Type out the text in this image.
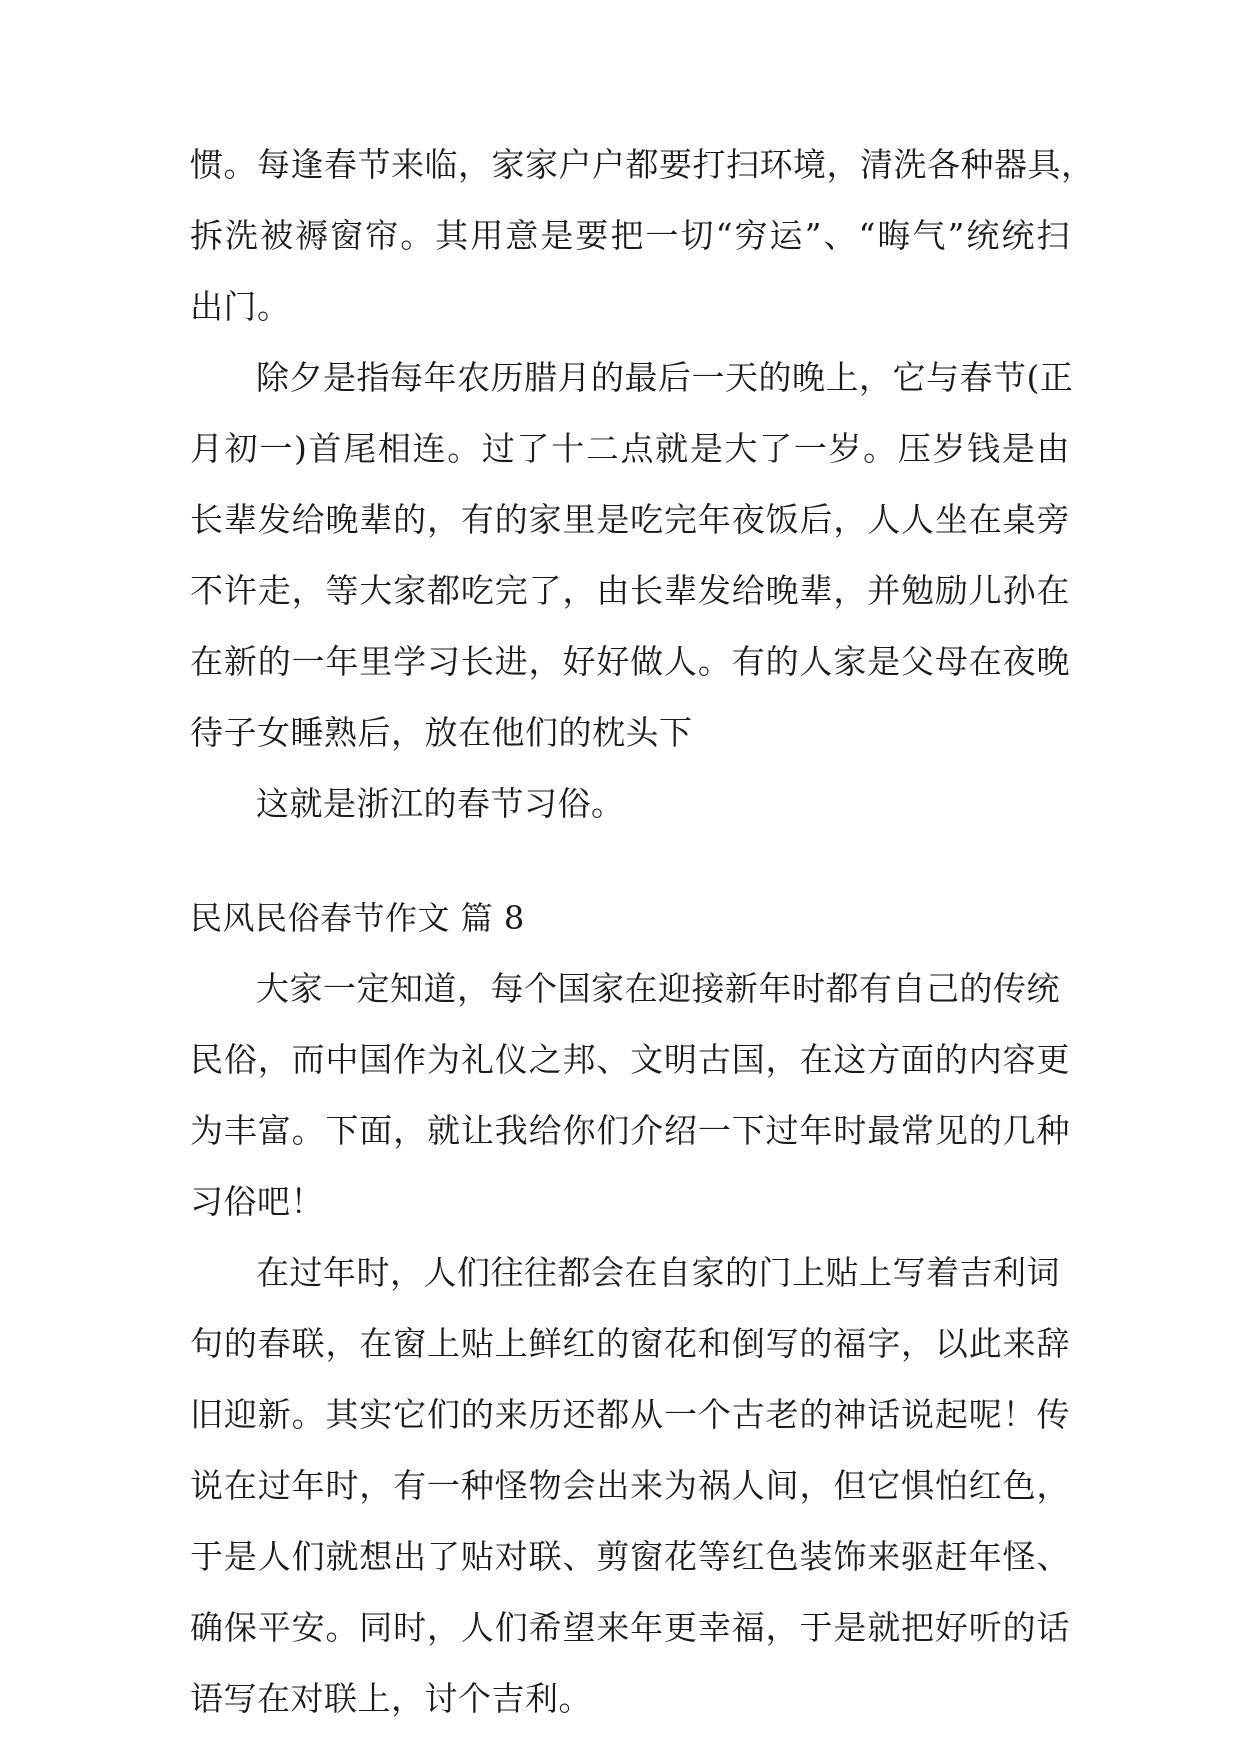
惯。每逢春节来临，家家户户都要打扫环境，清洗各种器具，
拆洗被褥窗帘。其用意是要把一切“穷运”、“晦气”统统扫
出门。
除夕是指每年农历腊月的最后一天的晚上，它与春节(正
月初一)首尾相连。过了十二点就是大了一岁。压岁钱是由
长辈发给晚辈的，有的家里是吃完年夜饭后，人人坐在桌旁
不许走，等大家都吃完了，由长辈发给晚辈，并勉励儿孙在
在新的一年里学习长进，好好做人。有的人家是父母在夜晚
待子女睡熟后，放在他们的枕头下
这就是浙江的春节习俗。
民风民俗春节作文 篇 8
大家一定知道，每个国家在迎接新年时都有自己的传统
民俗，而中国作为礼仪之邦、文明古国，在这方面的内容更
为丰富。下面，就让我给你们介绍一下过年时最常见的几种
习俗吧！
在过年时，人们往往都会在自家的门上贴上写着吉利词
句的春联，在窗上贴上鲜红的窗花和倒写的福字，以此来辞
旧迎新。其实它们的来历还都从一个古老的神话说起呢！传
说在过年时，有一种怪物会出来为祸人间，但它惧怕红色，
于是人们就想出了贴对联、剪窗花等红色装饰来驱赶年怪、
确保平安。同时，人们希望来年更幸福，于是就把好听的话
语写在对联上，讨个吉利。
